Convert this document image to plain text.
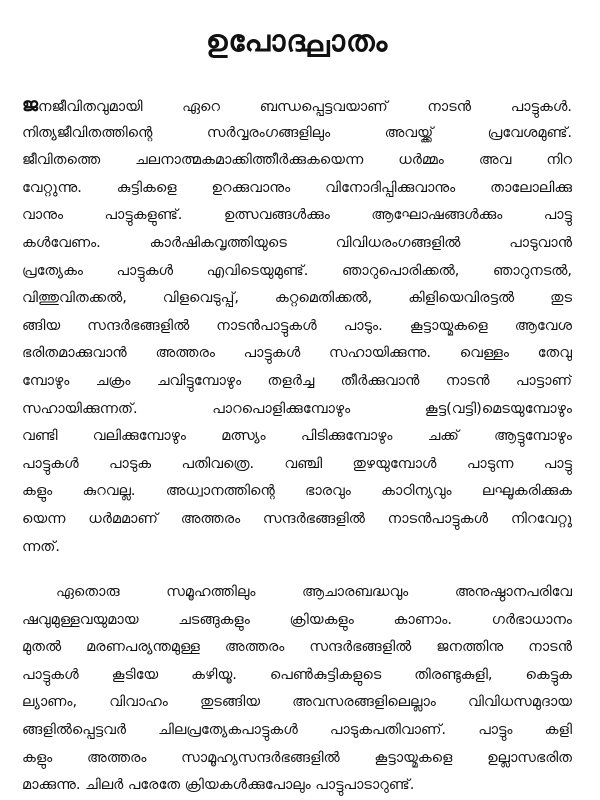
ഉപോദ്ഘാതം
ജനജീവിതവുമായി ഏറെ ബന്ധപ്പെട്ടവയാണ് നാടൻ പാട്ടുകൾ.
നിത്യജീവിതത്തിന്റെ സർവ്വരംഗങ്ങളിലും അവയ്ക്ക് പ്രവേശമുണ്ട്.
ജീവിതത്തെ ചലനാത്മകമാക്കിത്തീർക്കുകയെന്ന ധർമ്മം അവ നിറ
വേറ്റുന്നു. കുട്ടികളെ ഉറക്കുവാനും വിനോദിപ്പിക്കുവാനും താലോലിക്കു
വാനും പാട്ടുകളുണ്ട്. ഉത്സവങ്ങൾക്കും ആഘോഷങ്ങൾക്കും പാട്ടു
കൾവേണം. കാർഷികവൃത്തിയുടെ വിവിധരംഗങ്ങളിൽ പാടുവാൻ
പ്രത്യേകം പാട്ടുകൾ എവിടെയുമുണ്ട്. ഞാറുപൊരിക്കൽ, ഞാറുനടൽ,
വിത്തുവിതക്കൽ, വിളവെടുപ്പ്, കറ്റമെതിക്കൽ, കിളിയെവിരട്ടൽ തുട
ങ്ങിയ സന്ദർഭങ്ങളിൽ നാടൻപാട്ടുകൾ പാടും. കൂട്ടായ്മകളെ ആവേശ
ഭരിതമാക്കുവാൻ അത്തരം പാട്ടുകൾ സഹായിക്കുന്നു. വെള്ളം തേവു
മ്പോഴും ചക്രം ചവിട്ടുമ്പോഴും തളർച്ച തീർക്കുവാൻ നാടൻ പാട്ടാണ്
സഹായിക്കുന്നത്. പാറപൊളിക്കുമ്പോഴും കൂട്ട(വട്ടി)മെടയുമ്പോഴും
വണ്ടി വലിക്കുമ്പോഴും മത്സ്യം പിടിക്കുമ്പോഴും ചക്ക് ആട്ടുമ്പോഴും
പാട്ടുകൾ പാടുക പതിവത്രെ. വഞ്ചി തുഴയുമ്പോൾ പാടുന്ന പാട്ടു
കളും കുറവല്ല. അധ്വാനത്തിന്റെ ഭാരവും കാഠിന്യവും ലഘൂകരിക്കുക
യെന്ന ധർമമാണ് അത്തരം സന്ദർഭങ്ങളിൽ നാടൻപാട്ടുകൾ നിറവേറ്റു
ന്നത്.
ഏതൊരു സമൂഹത്തിലും ആചാരബദ്ധവും അനുഷ്ഠാനപരിവേ
ഷവുമുള്ളവയുമായ ചടങ്ങുകളും ക്രിയകളും കാണാം. ഗർഭാധാനം
മുതൽ മരണപര്യന്തമുള്ള അത്തരം സന്ദർഭങ്ങളിൽ ജനത്തിനു നാടൻ
പാട്ടുകൾ കൂടിയേ കഴിയൂ. പെൺകുട്ടികളുടെ തിരണ്ടുകുളി, കെട്ടുക
ല്യാണം, വിവാഹം തുടങ്ങിയ അവസരങ്ങളിലെല്ലാം വിവിധസമുദായ
ങ്ങളിൽപ്പെട്ടവർ ചിലപ്രത്യേകപാട്ടുകൾ പാടുകപതിവാണ്. പാട്ടും കളി
കളും അത്തരം സാമൂഹ്യസന്ദർഭങ്ങളിൽ കൂട്ടായ്മകളെ ഉല്ലാസഭരിത
മാക്കുന്നു. ചിലർ പരേതേ ക്രിയകൾക്കുപോലും പാട്ടുപാടാറുണ്ട്.
